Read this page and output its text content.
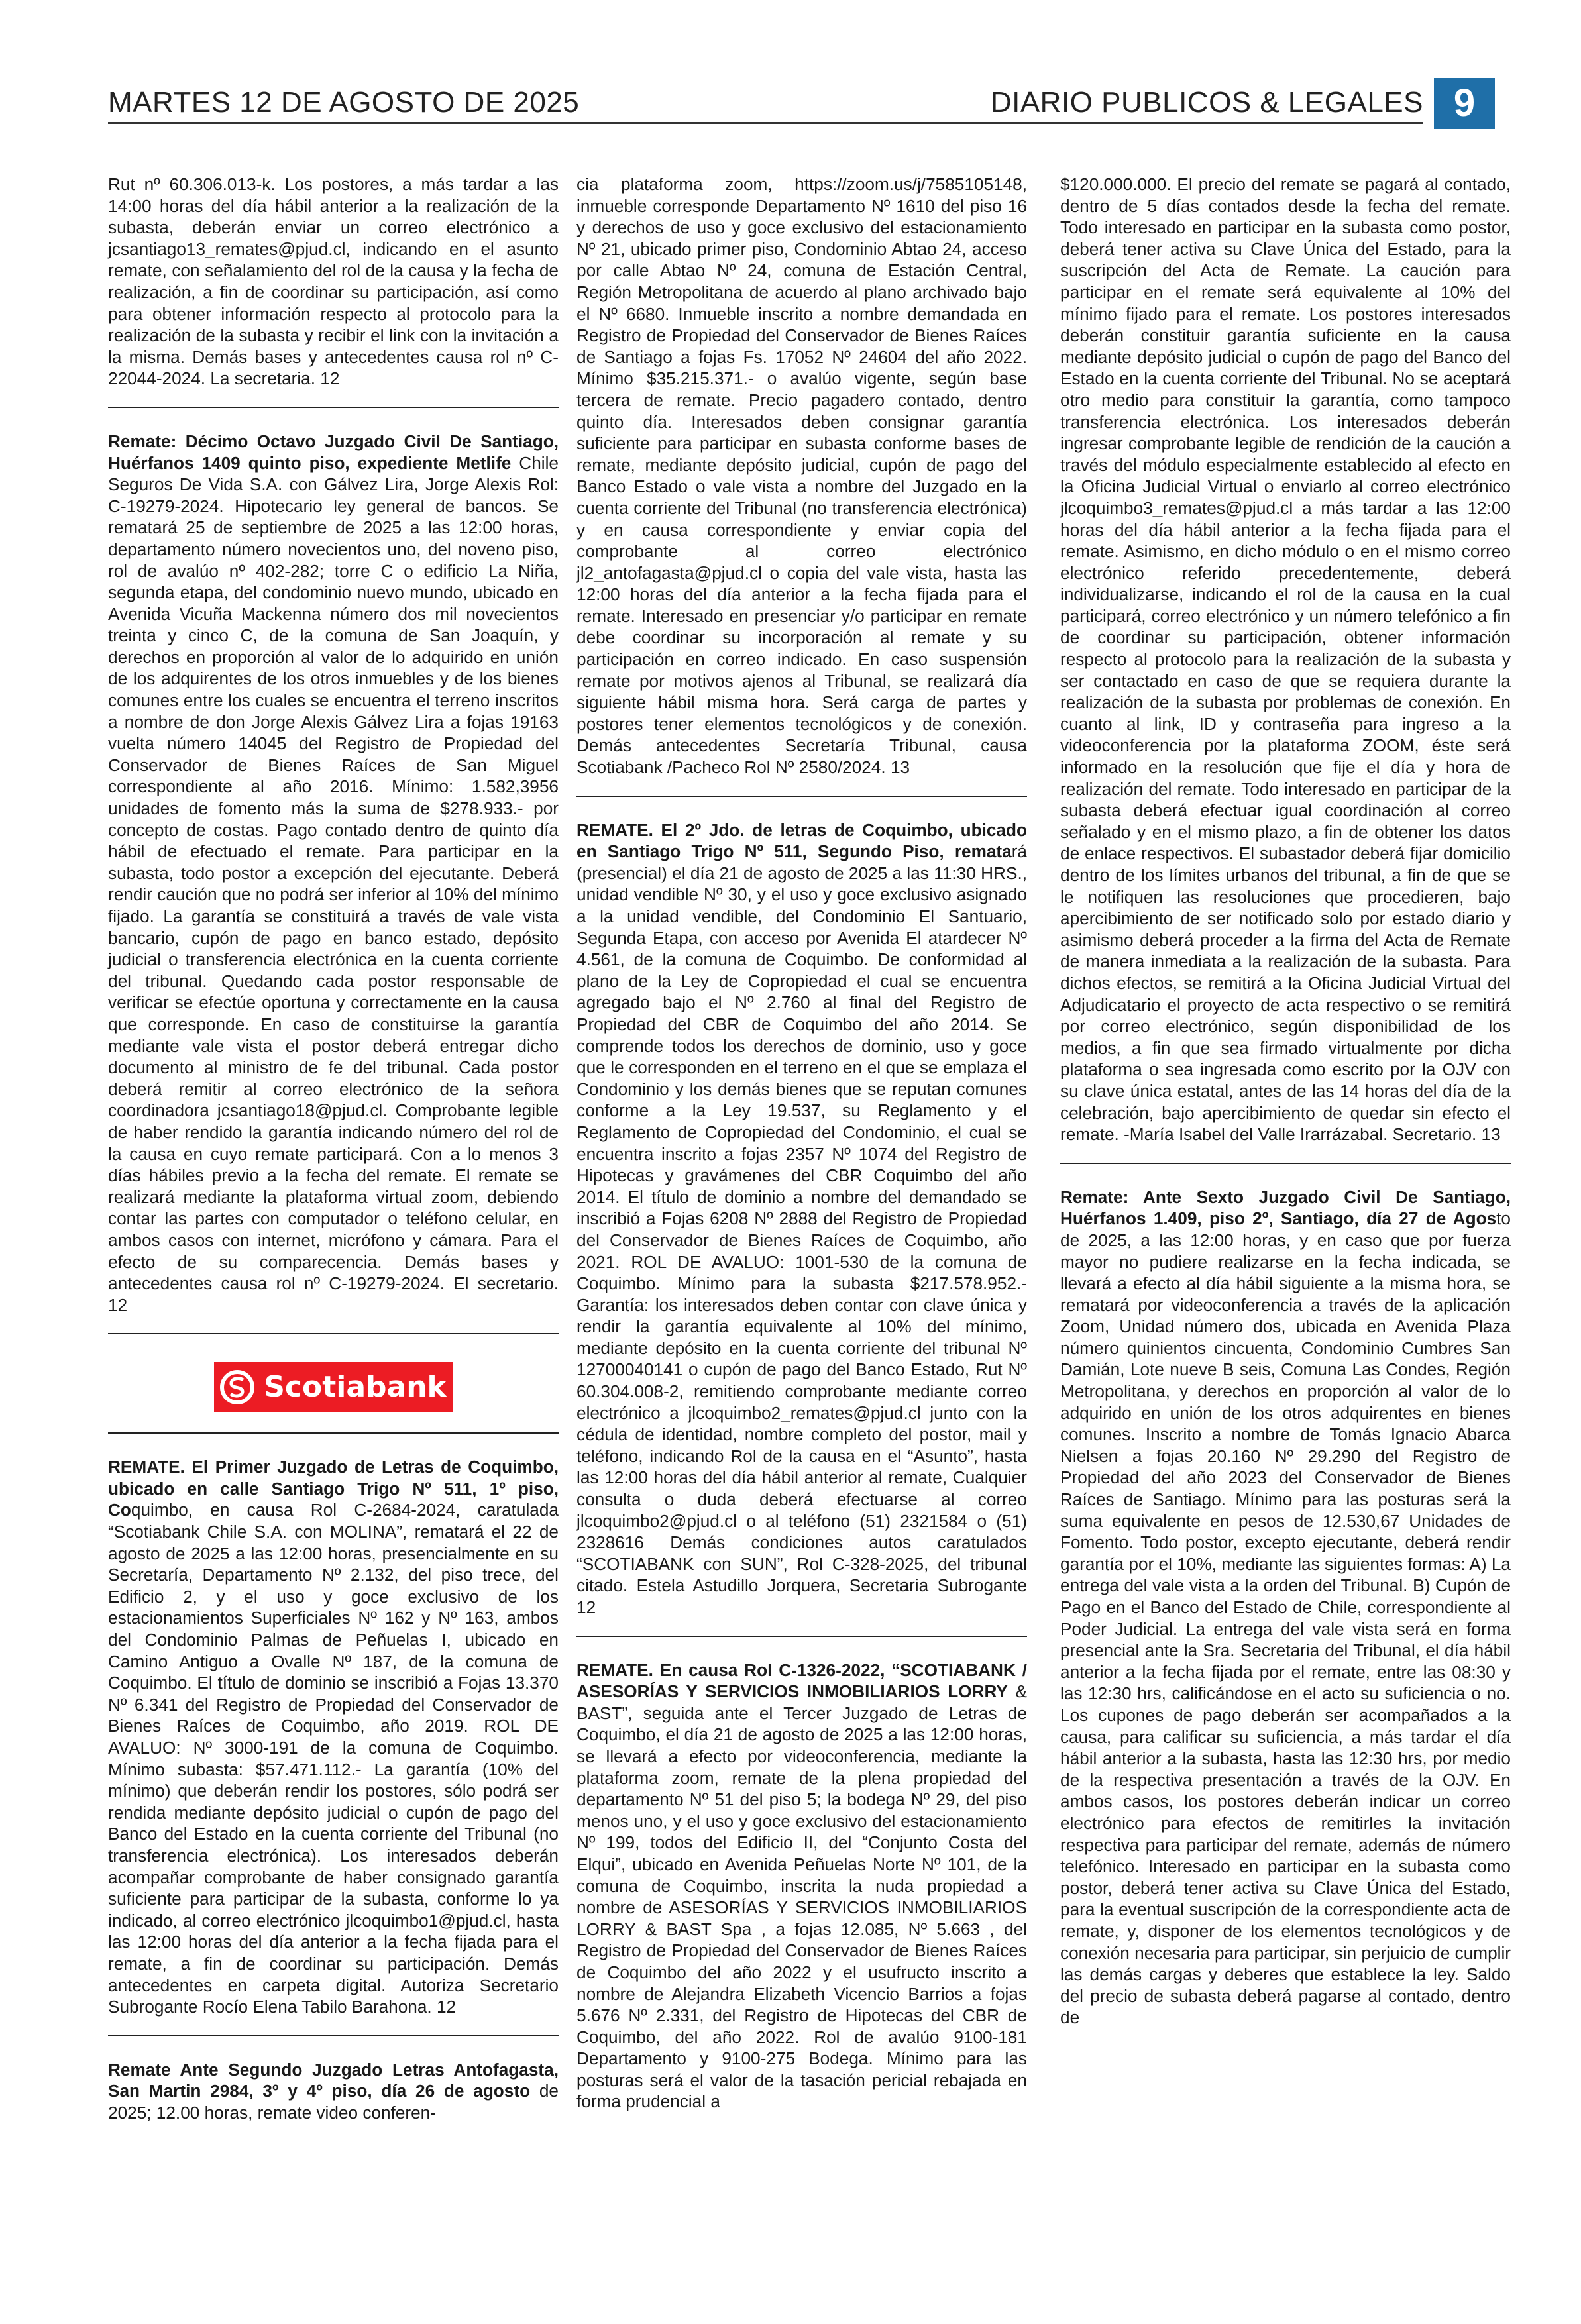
MARTES 12 DE AGOSTO DE 2025	DIARIO PUBLICOS & LEGALES 9

Rut nº 60.306.013-k. Los postores, a más tardar a las 14:00 horas del día hábil anterior a la realización de la subasta, deberán enviar un correo electrónico a jcsantiago13_remates@pjud.cl, indicando en el asunto remate, con señalamiento del rol de la causa y la fecha de realización, a fin de coordinar su participación, así como para obtener información respecto al protocolo para la realización de la subasta y recibir el link con la invitación a la misma. Demás bases y antecedentes causa rol nº C-22044-2024. La secretaria. 12

Remate: Décimo Octavo Juzgado Civil De Santiago, Huérfanos 1409 quinto piso, expediente Metlife Chile Seguros De Vida S.A. con Gálvez Lira, Jorge Alexis Rol: C-19279-2024. Hipotecario ley general de bancos. Se rematará 25 de septiembre de 2025 a las 12:00 horas, departamento número novecientos uno, del noveno piso, rol de avalúo nº 402-282; torre C o edificio La Niña, segunda etapa, del condominio nuevo mundo, ubicado en Avenida Vicuña Mackenna número dos mil novecientos treinta y cinco C, de la comuna de San Joaquín, y derechos en proporción al valor de lo adquirido en unión de los adquirentes de los otros inmuebles y de los bienes comunes entre los cuales se encuentra el terreno inscritos a nombre de don Jorge Alexis Gálvez Lira a fojas 19163 vuelta número 14045 del Registro de Propiedad del Conservador de Bienes Raíces de San Miguel correspondiente al año 2016. Mínimo: 1.582,3956 unidades de fomento más la suma de $278.933.- por concepto de costas. Pago contado dentro de quinto día hábil de efectuado el remate. Para participar en la subasta, todo postor a excepción del ejecutante. Deberá rendir caución que no podrá ser inferior al 10% del mínimo fijado. La garantía se constituirá a través de vale vista bancario, cupón de pago en banco estado, depósito judicial o transferencia electrónica en la cuenta corriente del tribunal. Quedando cada postor responsable de verificar se efectúe oportuna y correctamente en la causa que corresponde. En caso de constituirse la garantía mediante vale vista el postor deberá entregar dicho documento al ministro de fe del tribunal. Cada postor deberá remitir al correo electrónico de la señora coordinadora jcsantiago18@pjud.cl. Comprobante legible de haber rendido la garantía indicando número del rol de la causa en cuyo remate participará. Con a lo menos 3 días hábiles previo a la fecha del remate. El remate se realizará mediante la plataforma virtual zoom, debiendo contar las partes con computador o teléfono celular, en ambos casos con internet, micrófono y cámara. Para el efecto de su comparecencia. Demás bases y antecedentes causa rol nº C-19279-2024. El secretario. 12

Scotiabank

REMATE. El Primer Juzgado de Letras de Coquimbo, ubicado en calle Santiago Trigo Nº 511, 1º piso, Coquimbo, en causa Rol C-2684-2024, caratulada “Scotiabank Chile S.A. con MOLINA”, rematará el 22 de agosto de 2025 a las 12:00 horas, presencialmente en su Secretaría, Departamento Nº 2.132, del piso trece, del Edificio 2, y el uso y goce exclusivo de los estacionamientos Superficiales Nº 162 y Nº 163, ambos del Condominio Palmas de Peñuelas I, ubicado en Camino Antiguo a Ovalle Nº 187, de la comuna de Coquimbo. El título de dominio se inscribió a Fojas 13.370 Nº 6.341 del Registro de Propiedad del Conservador de Bienes Raíces de Coquimbo, año 2019. ROL DE AVALUO: Nº 3000-191 de la comuna de Coquimbo. Mínimo subasta: $57.471.112.- La garantía (10% del mínimo) que deberán rendir los postores, sólo podrá ser rendida mediante depósito judicial o cupón de pago del Banco del Estado en la cuenta corriente del Tribunal (no transferencia electrónica). Los interesados deberán acompañar comprobante de haber consignado garantía suficiente para participar de la subasta, conforme lo ya indicado, al correo electrónico jlcoquimbo1@pjud.cl, hasta las 12:00 horas del día anterior a la fecha fijada para el remate, a fin de coordinar su participación. Demás antecedentes en carpeta digital. Autoriza Secretario Subrogante Rocío Elena Tabilo Barahona. 12

Remate Ante Segundo Juzgado Letras Antofagasta, San Martin 2984, 3º y 4º piso, día 26 de agosto de 2025; 12.00 horas, remate video conferen-

cia plataforma zoom, https://zoom.us/j/7585105148, inmueble corresponde Departamento Nº 1610 del piso 16 y derechos de uso y goce exclusivo del estacionamiento Nº 21, ubicado primer piso, Condominio Abtao 24, acceso por calle Abtao Nº 24, comuna de Estación Central, Región Metropolitana de acuerdo al plano archivado bajo el Nº 6680. Inmueble inscrito a nombre demandada en Registro de Propiedad del Conservador de Bienes Raíces de Santiago a fojas Fs. 17052 Nº 24604 del año 2022. Mínimo $35.215.371.- o avalúo vigente, según base tercera de remate. Precio pagadero contado, dentro quinto día. Interesados deben consignar garantía suficiente para participar en subasta conforme bases de remate, mediante depósito judicial, cupón de pago del Banco Estado o vale vista a nombre del Juzgado en la cuenta corriente del Tribunal (no transferencia electrónica) y en causa correspondiente y enviar copia del comprobante al correo electrónico jl2_antofagasta@pjud.cl o copia del vale vista, hasta las 12:00 horas del día anterior a la fecha fijada para el remate. Interesado en presenciar y/o participar en remate debe coordinar su incorporación al remate y su participación en correo indicado. En caso suspensión remate por motivos ajenos al Tribunal, se realizará día siguiente hábil misma hora. Será carga de partes y postores tener elementos tecnológicos y de conexión. Demás antecedentes Secretaría Tribunal, causa Scotiabank /Pacheco Rol Nº 2580/2024. 13

REMATE. El 2º Jdo. de letras de Coquimbo, ubicado en Santiago Trigo Nº 511, Segundo Piso, rematará (presencial) el día 21 de agosto de 2025 a las 11:30 HRS., unidad vendible Nº 30, y el uso y goce exclusivo asignado a la unidad vendible, del Condominio El Santuario, Segunda Etapa, con acceso por Avenida El atardecer Nº 4.561, de la comuna de Coquimbo. De conformidad al plano de la Ley de Copropiedad el cual se encuentra agregado bajo el Nº 2.760 al final del Registro de Propiedad del CBR de Coquimbo del año 2014. Se comprende todos los derechos de dominio, uso y goce que le corresponden en el terreno en el que se emplaza el Condominio y los demás bienes que se reputan comunes conforme a la Ley 19.537, su Reglamento y el Reglamento de Copropiedad del Condominio, el cual se encuentra inscrito a fojas 2357 Nº 1074 del Registro de Hipotecas y gravámenes del CBR Coquimbo del año 2014. El título de dominio a nombre del demandado se inscribió a Fojas 6208 Nº 2888 del Registro de Propiedad del Conservador de Bienes Raíces de Coquimbo, año 2021. ROL DE AVALUO: 1001-530 de la comuna de Coquimbo. Mínimo para la subasta $217.578.952.- Garantía: los interesados deben contar con clave única y rendir la garantía equivalente al 10% del mínimo, mediante depósito en la cuenta corriente del tribunal Nº 12700040141 o cupón de pago del Banco Estado, Rut Nº 60.304.008-2, remitiendo comprobante mediante correo electrónico a jlcoquimbo2_remates@pjud.cl junto con la cédula de identidad, nombre completo del postor, mail y teléfono, indicando Rol de la causa en el “Asunto”, hasta las 12:00 horas del día hábil anterior al remate, Cualquier consulta o duda deberá efectuarse al correo jlcoquimbo2@pjud.cl o al teléfono (51) 2321584 o (51) 2328616 Demás condiciones autos caratulados “SCOTIABANK con SUN”, Rol C-328-2025, del tribunal citado. Estela Astudillo Jorquera, Secretaria Subrogante 12

REMATE. En causa Rol C-1326-2022, “SCOTIABANK / ASESORÍAS Y SERVICIOS INMOBILIARIOS LORRY & BAST”, seguida ante el Tercer Juzgado de Letras de Coquimbo, el día 21 de agosto de 2025 a las 12:00 horas, se llevará a efecto por videoconferencia, mediante la plataforma zoom, remate de la plena propiedad del departamento Nº 51 del piso 5; la bodega Nº 29, del piso menos uno, y el uso y goce exclusivo del estacionamiento Nº 199, todos del Edificio II, del “Conjunto Costa del Elqui”, ubicado en Avenida Peñuelas Norte Nº 101, de la comuna de Coquimbo, inscrita la nuda propiedad a nombre de ASESORÍAS Y SERVICIOS INMOBILIARIOS LORRY & BAST Spa , a fojas 12.085, Nº 5.663 , del Registro de Propiedad del Conservador de Bienes Raíces de Coquimbo del año 2022 y el usufructo inscrito a nombre de Alejandra Elizabeth Vicencio Barrios a fojas 5.676 Nº 2.331, del Registro de Hipotecas del CBR de Coquimbo, del año 2022. Rol de avalúo 9100-181 Departamento y 9100-275 Bodega. Mínimo para las posturas será el valor de la tasación pericial rebajada en forma prudencial a

$120.000.000. El precio del remate se pagará al contado, dentro de 5 días contados desde la fecha del remate. Todo interesado en participar en la subasta como postor, deberá tener activa su Clave Única del Estado, para la suscripción del Acta de Remate. La caución para participar en el remate será equivalente al 10% del mínimo fijado para el remate. Los postores interesados deberán constituir garantía suficiente en la causa mediante depósito judicial o cupón de pago del Banco del Estado en la cuenta corriente del Tribunal. No se aceptará otro medio para constituir la garantía, como tampoco transferencia electrónica. Los interesados deberán ingresar comprobante legible de rendición de la caución a través del módulo especialmente establecido al efecto en la Oficina Judicial Virtual o enviarlo al correo electrónico jlcoquimbo3_remates@pjud.cl a más tardar a las 12:00 horas del día hábil anterior a la fecha fijada para el remate. Asimismo, en dicho módulo o en el mismo correo electrónico referido precedentemente, deberá individualizarse, indicando el rol de la causa en la cual participará, correo electrónico y un número telefónico a fin de coordinar su participación, obtener información respecto al protocolo para la realización de la subasta y ser contactado en caso de que se requiera durante la realización de la subasta por problemas de conexión. En cuanto al link, ID y contraseña para ingreso a la videoconferencia por la plataforma ZOOM, éste será informado en la resolución que fije el día y hora de realización del remate. Todo interesado en participar de la subasta deberá efectuar igual coordinación al correo señalado y en el mismo plazo, a fin de obtener los datos de enlace respectivos. El subastador deberá fijar domicilio dentro de los límites urbanos del tribunal, a fin de que se le notifiquen las resoluciones que procedieren, bajo apercibimiento de ser notificado solo por estado diario y asimismo deberá proceder a la firma del Acta de Remate de manera inmediata a la realización de la subasta. Para dichos efectos, se remitirá a la Oficina Judicial Virtual del Adjudicatario el proyecto de acta respectivo o se remitirá por correo electrónico, según disponibilidad de los medios, a fin que sea firmado virtualmente por dicha plataforma o sea ingresada como escrito por la OJV con su clave única estatal, antes de las 14 horas del día de la celebración, bajo apercibimiento de quedar sin efecto el remate. -María Isabel del Valle Irarrázabal. Secretario. 13

Remate: Ante Sexto Juzgado Civil De Santiago, Huérfanos 1.409, piso 2º, Santiago, día 27 de Agosto de 2025, a las 12:00 horas, y en caso que por fuerza mayor no pudiere realizarse en la fecha indicada, se llevará a efecto al día hábil siguiente a la misma hora, se rematará por videoconferencia a través de la aplicación Zoom, Unidad número dos, ubicada en Avenida Plaza número quinientos cincuenta, Condominio Cumbres San Damián, Lote nueve B seis, Comuna Las Condes, Región Metropolitana, y derechos en proporción al valor de lo adquirido en unión de los otros adquirentes en bienes comunes. Inscrito a nombre de Tomás Ignacio Abarca Nielsen a fojas 20.160 Nº 29.290 del Registro de Propiedad del año 2023 del Conservador de Bienes Raíces de Santiago. Mínimo para las posturas será la suma equivalente en pesos de 12.530,67 Unidades de Fomento. Todo postor, excepto ejecutante, deberá rendir garantía por el 10%, mediante las siguientes formas: A) La entrega del vale vista a la orden del Tribunal. B) Cupón de Pago en el Banco del Estado de Chile, correspondiente al Poder Judicial. La entrega del vale vista será en forma presencial ante la Sra. Secretaria del Tribunal, el día hábil anterior a la fecha fijada por el remate, entre las 08:30 y las 12:30 hrs, calificándose en el acto su suficiencia o no. Los cupones de pago deberán ser acompañados a la causa, para calificar su suficiencia, a más tardar el día hábil anterior a la subasta, hasta las 12:30 hrs, por medio de la respectiva presentación a través de la OJV. En ambos casos, los postores deberán indicar un correo electrónico para efectos de remitirles la invitación respectiva para participar del remate, además de número telefónico. Interesado en participar en la subasta como postor, deberá tener activa su Clave Única del Estado, para la eventual suscripción de la correspondiente acta de remate, y, disponer de los elementos tecnológicos y de conexión necesaria para participar, sin perjuicio de cumplir las demás cargas y deberes que establece la ley. Saldo del precio de subasta deberá pagarse al contado, dentro de
